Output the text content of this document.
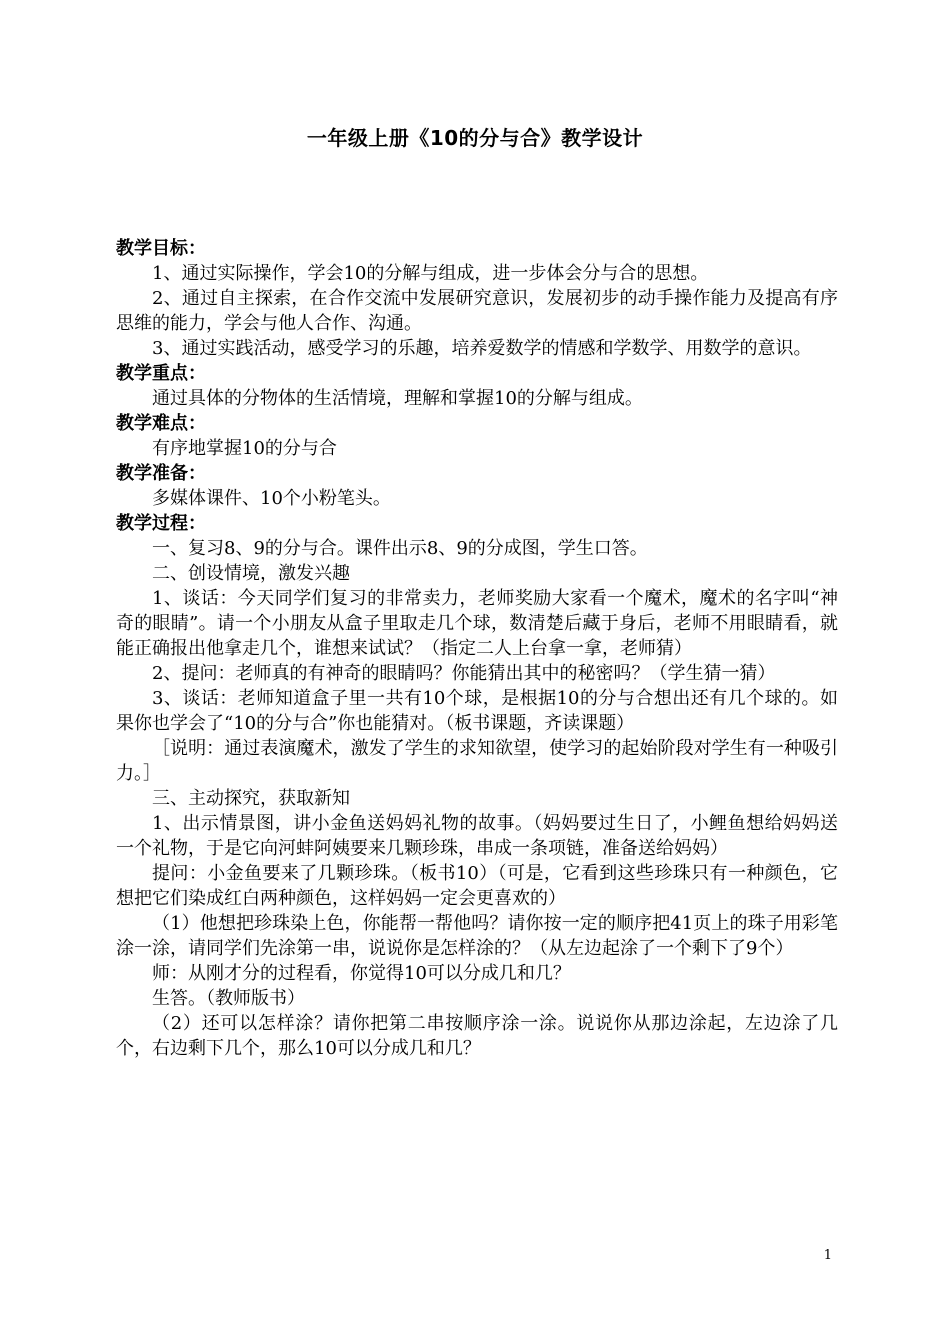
一年级上册《10的分与合》教学设计

教学目标：

1、通过实际操作，学会10的分解与组成，进一步体会分与合的思想。

2、通过自主探索，在合作交流中发展研究意识，发展初步的动手操作能力及提高有序思维的能力，学会与他人合作、沟通。

3、通过实践活动，感受学习的乐趣，培养爱数学的情感和学数学、用数学的意识。

教学重点：

通过具体的分物体的生活情境，理解和掌握10的分解与组成。

教学难点：

有序地掌握10的分与合

教学准备：

多媒体课件、10个小粉笔头。

教学过程：

一、复习8、9的分与合。课件出示8、9的分成图，学生口答。

二、创设情境，激发兴趣

1、谈话：今天同学们复习的非常卖力，老师奖励大家看一个魔术，魔术的名字叫“神奇的眼睛”。请一个小朋友从盒子里取走几个球，数清楚后藏于身后，老师不用眼睛看，就能正确报出他拿走几个，谁想来试试？（指定二人上台拿一拿，老师猜）

2、提问：老师真的有神奇的眼睛吗？你能猜出其中的秘密吗？（学生猜一猜）

3、谈话：老师知道盒子里一共有10个球，是根据10的分与合想出还有几个球的。如果你也学会了“10的分与合”你也能猜对。（板书课题，齐读课题）

［说明：通过表演魔术，激发了学生的求知欲望，使学习的起始阶段对学生有一种吸引力。］

三、主动探究，获取新知

1、出示情景图，讲小金鱼送妈妈礼物的故事。（妈妈要过生日了，小鲤鱼想给妈妈送一个礼物，于是它向河蚌阿姨要来几颗珍珠，串成一条项链，准备送给妈妈）

提问：小金鱼要来了几颗珍珠。（板书10）（可是，它看到这些珍珠只有一种颜色，它想把它们染成红白两种颜色，这样妈妈一定会更喜欢的）

（1）他想把珍珠染上色，你能帮一帮他吗？请你按一定的顺序把41页上的珠子用彩笔涂一涂，请同学们先涂第一串，说说你是怎样涂的？（从左边起涂了一个剩下了9个）

师：从刚才分的过程看，你觉得10可以分成几和几？

生答。（教师版书）

（2）还可以怎样涂？请你把第二串按顺序涂一涂。说说你从那边涂起，左边涂了几个，右边剩下几个，那么10可以分成几和几？

1
